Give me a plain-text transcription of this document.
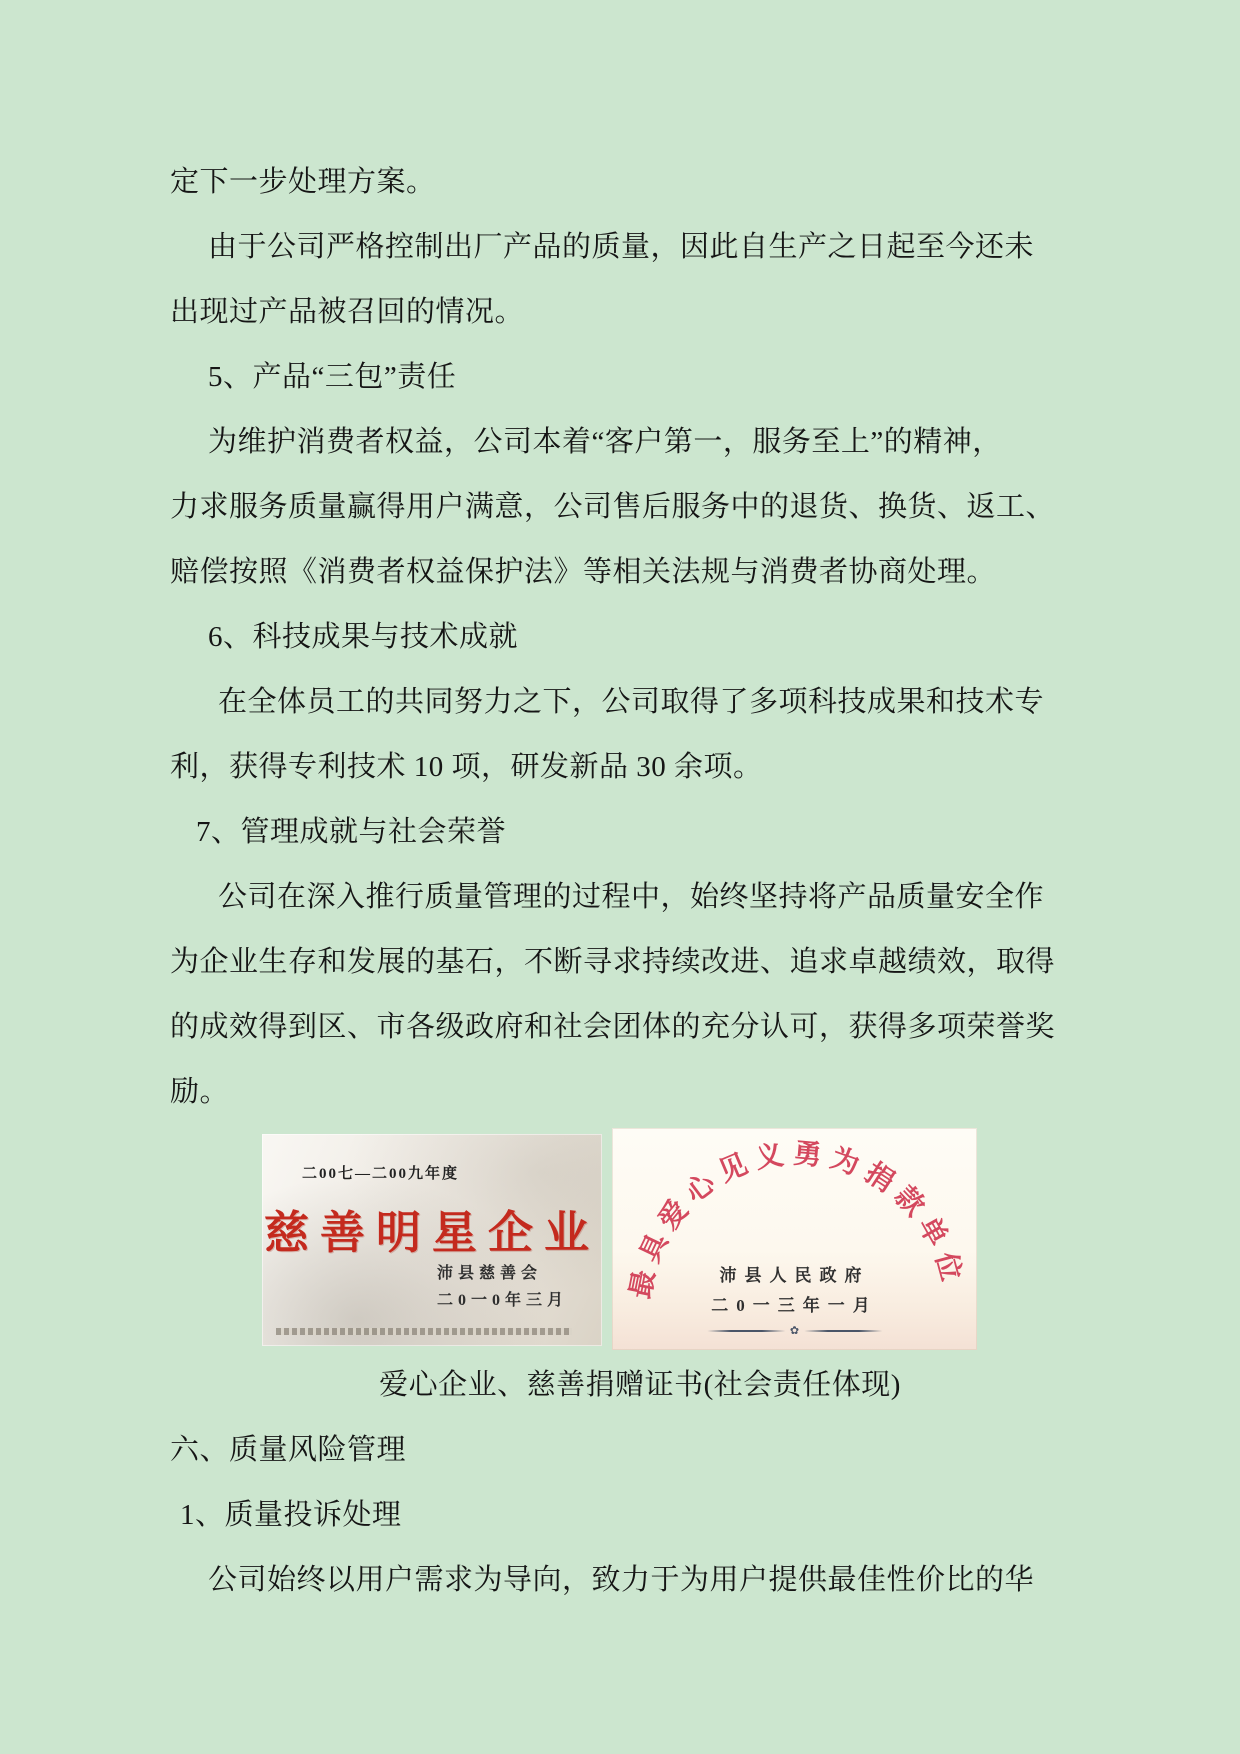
定下一步处理方案。
由于公司严格控制出厂产品的质量，因此自生产之日起至今还未
出现过产品被召回的情况。
5、产品“三包”责任
为维护消费者权益，公司本着“客户第一，服务至上”的精神，
力求服务质量赢得用户满意，公司售后服务中的退货、换货、返工、
赔偿按照《消费者权益保护法》等相关法规与消费者协商处理。
6、科技成果与技术成就
在全体员工的共同努力之下，公司取得了多项科技成果和技术专
利，获得专利技术 10 项，研发新品 30 余项。
7、管理成就与社会荣誉
公司在深入推行质量管理的过程中，始终坚持将产品质量安全作
为企业生存和发展的基石，不断寻求持续改进、追求卓越绩效，取得
的成效得到区、市各级政府和社会团体的充分认可，获得多项荣誉奖
励。
二00七—二00九年度
慈善明星企业
沛县慈善会
二0一0年三月 最具爱心见义勇为捐款单位
沛县人民政府
二0一三年一月
✿
爱心企业、慈善捐赠证书(社会责任体现)
六、质量风险管理
1、质量投诉处理
公司始终以用户需求为导向，致力于为用户提供最佳性价比的华
